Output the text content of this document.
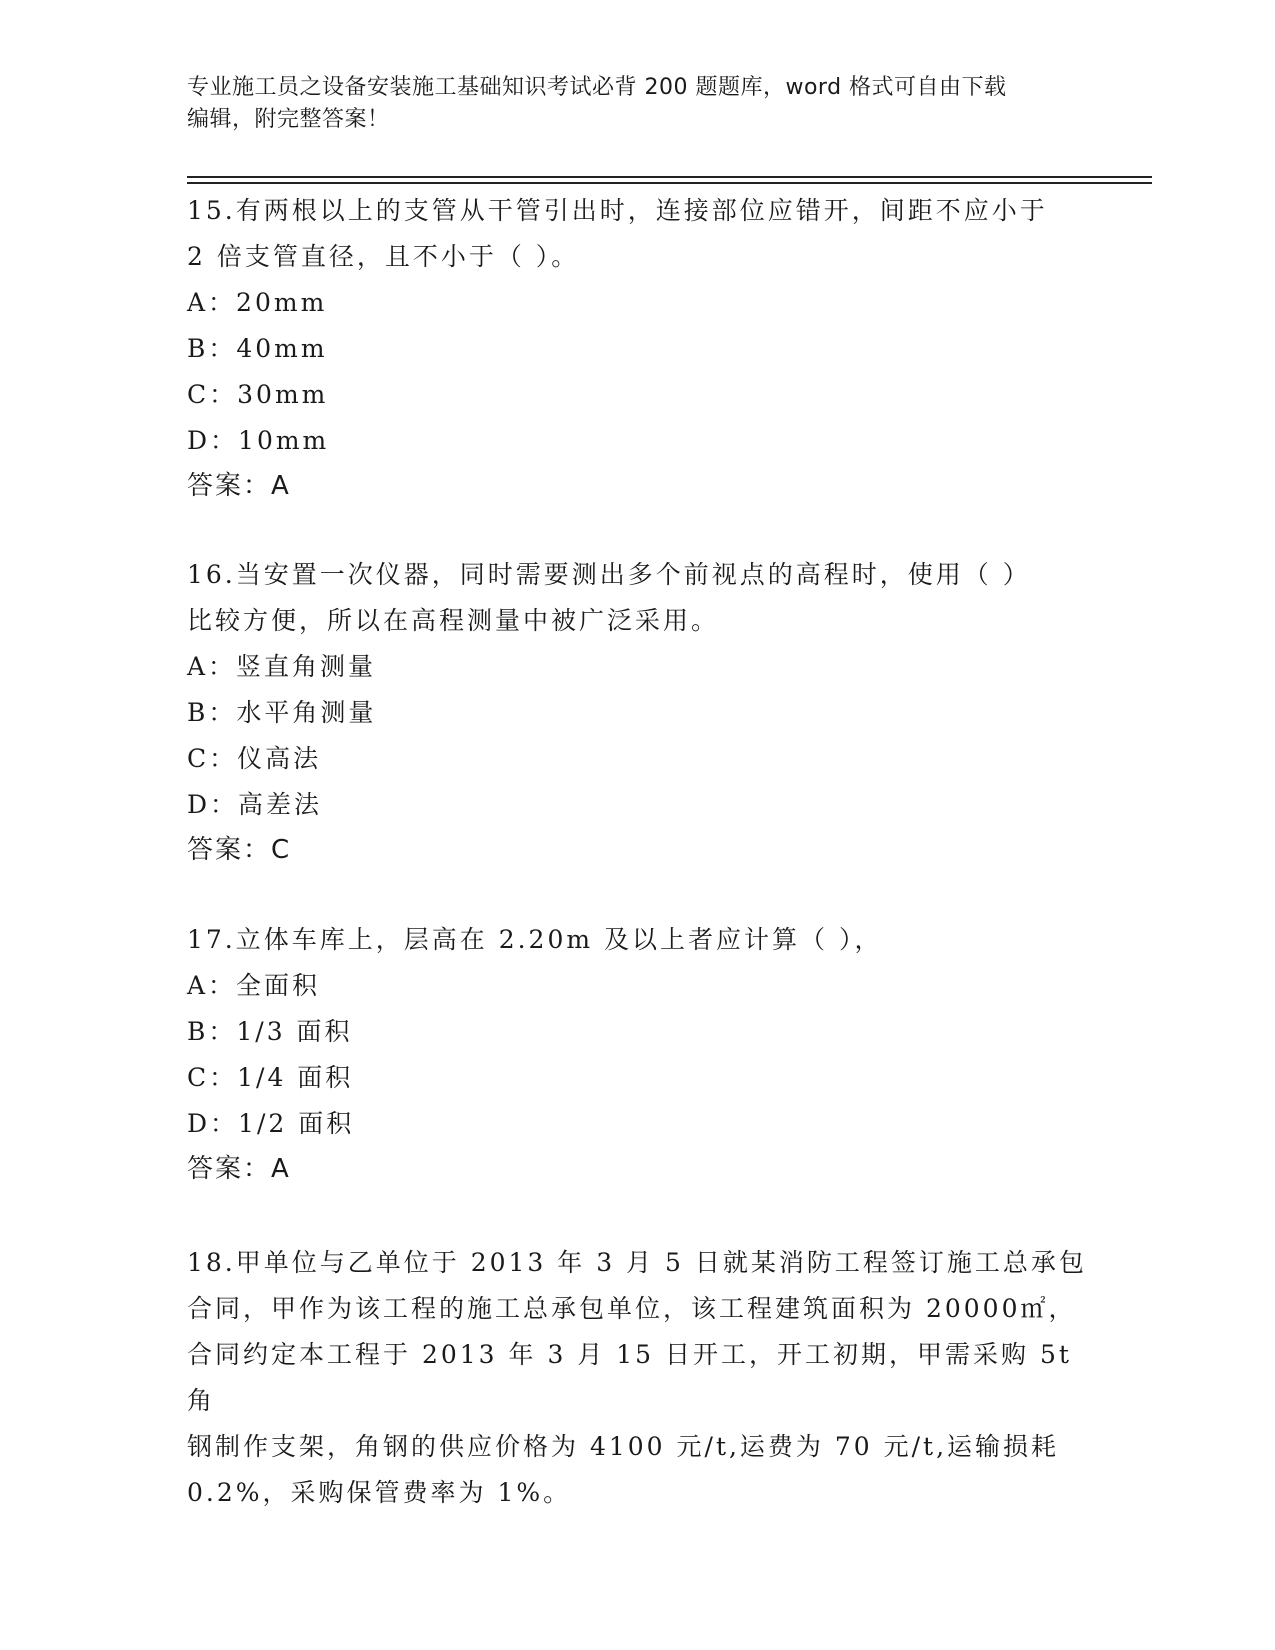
专业施工员之设备安装施工基础知识考试必背 200 题题库，word 格式可自由下载
编辑，附完整答案！

15.有两根以上的支管从干管引出时，连接部位应错开，间距不应小于

2 倍支管直径，且不小于（ ）。

A：20mm

B：40mm

C：30mm

D：10mm

答案：A

16.当安置一次仪器，同时需要测出多个前视点的高程时，使用（ ）

比较方便，所以在高程测量中被广泛采用。

A：竖直角测量

B：水平角测量

C：仪高法

D：高差法

答案：C

17.立体车库上，层高在 2.20m 及以上者应计算（ ），

A：全面积

B：1/3 面积

C：1/4 面积

D：1/2 面积

答案：A

18.甲单位与乙单位于 2013 年 3 月 5 日就某消防工程签订施工总承包

合同，甲作为该工程的施工总承包单位，该工程建筑面积为 20000㎡，

合同约定本工程于 2013 年 3 月 15 日开工，开工初期，甲需采购 5t 角

钢制作支架，角钢的供应价格为 4100 元/t,运费为 70 元/t,运输损耗

0.2%，采购保管费率为 1%。
